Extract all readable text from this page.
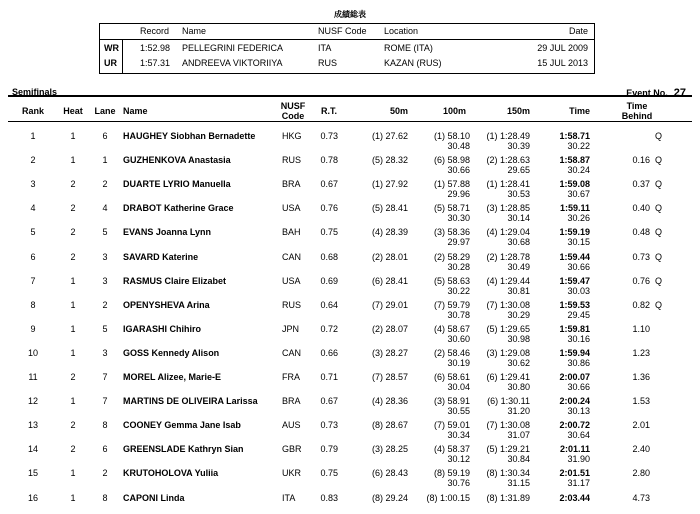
成績総表
Record Name	NUSF Code Location	Date
WR 1:52.98 PELLEGRINI FEDERICA	ITA	ROME (ITA)	29 JUL 2009
UR	1:57.31 ANDREEVA VIKTORIIYA	RUS	KAZAN (RUS)	15 JUL 2013
Semifinals	Event No. 27
Rank	Heat	Lane Name	NUSF
Code	R.T.	50m	100m	150m	Time	Time
Behind
1	1	6	HAUGHEY Siobhan Bernadette	HKG	0.73	(1) 27.62	(1) 58.10	(1) 1:28.49	1:58.71	Q
30.48	30.39	30.22
2	1	1	GUZHENKOVA Anastasia	RUS	0.78	(5) 28.32	(6) 58.98	(2) 1:28.63	1:58.87	0.16 Q
30.66	29.65	30.24
3	2	2	DUARTE LYRIO Manuella	BRA	0.67	(1) 27.92	(1) 57.88	(1) 1:28.41	1:59.08	0.37 Q
29.96	30.53	30.67
4	2	4	DRABOT Katherine Grace	USA	0.76	(5) 28.41	(5) 58.71	(3) 1:28.85	1:59.11	0.40 Q
30.30	30.14	30.26
5	2	5	EVANS Joanna Lynn	BAH	0.75	(4) 28.39	(3) 58.36	(4) 1:29.04	1:59.19	0.48 Q
29.97	30.68	30.15
6	2	3	SAVARD Katerine	CAN	0.68	(2) 28.01	(2) 58.29	(2) 1:28.78	1:59.44	0.73 Q
30.28	30.49	30.66
7	1	3	RASMUS Claire Elizabet	USA	0.69	(6) 28.41	(5) 58.63	(4) 1:29.44	1:59.47	0.76 Q
30.22	30.81	30.03
8	1	2	OPENYSHEVA Arina	RUS	0.64	(7) 29.01	(7) 59.79	(7) 1:30.08	1:59.53	0.82 Q
30.78	30.29	29.45
9	1	5	IGARASHI Chihiro	JPN	0.72	(2) 28.07	(4) 58.67	(5) 1:29.65	1:59.81	1.10
30.60	30.98	30.16
10	1	3	GOSS Kennedy Alison	CAN	0.66	(3) 28.27	(2) 58.46	(3) 1:29.08	1:59.94	1.23
30.19	30.62	30.86
11	2	7	MOREL Alizee, Marie-E	FRA	0.71	(7) 28.57	(6) 58.61	(6) 1:29.41	2:00.07	1.36
30.04	30.80	30.66
12	1	7	MARTINS DE OLIVEIRA Larissa	BRA	0.67	(4) 28.36	(3) 58.91	(6) 1:30.11	2:00.24	1.53
30.55	31.20	30.13
13	2	8	COONEY Gemma Jane Isab	AUS	0.73	(8) 28.67	(7) 59.01	(7) 1:30.08	2:00.72	2.01
30.34	31.07	30.64
14	2	6	GREENSLADE Kathryn Sian	GBR	0.79	(3) 28.25	(4) 58.37	(5) 1:29.21	2:01.11	2.40
30.12	30.84	31.90
15	1	2	KRUTOHOLOVA Yuliia	UKR	0.75	(6) 28.43	(8) 59.19	(8) 1:30.34	2:01.51	2.80
30.76	31.15	31.17
16	1	8	CAPONI Linda	ITA	0.83	(8) 29.24	(8) 1:00.15	(8) 1:31.89	2:03.44	4.73
